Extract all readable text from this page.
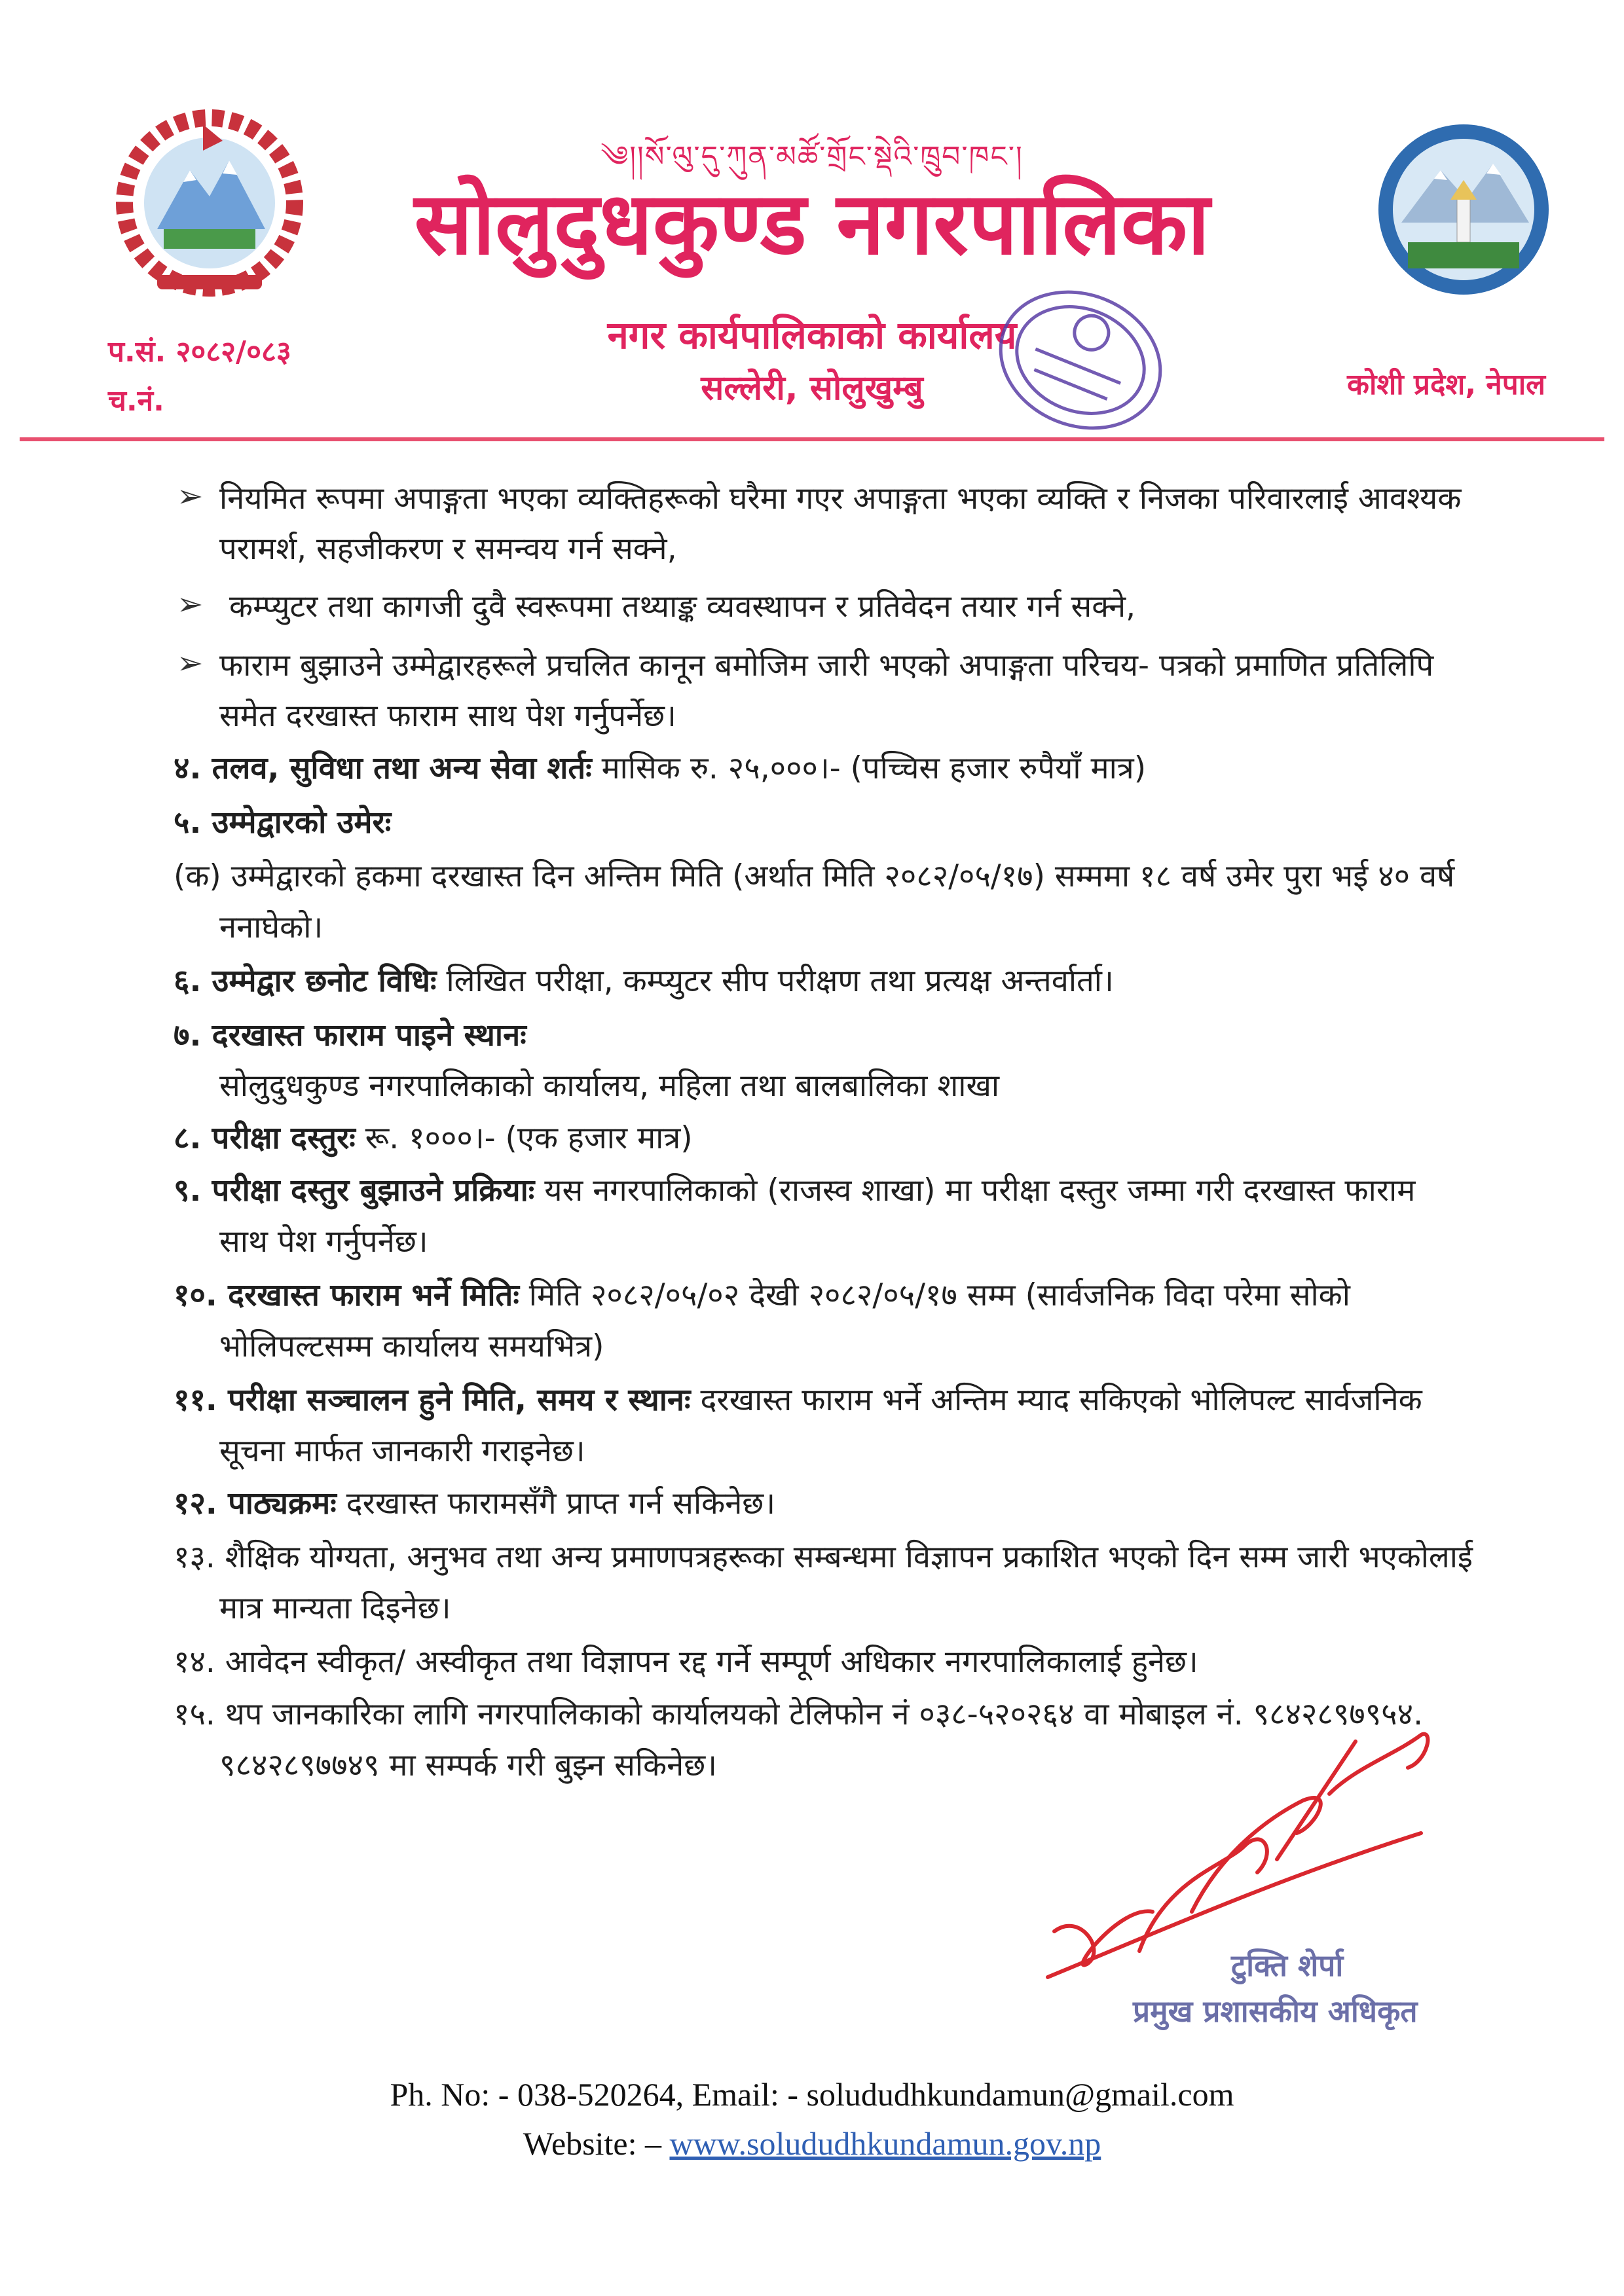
༄།།སོ་ལུ་དུ་ཀུན་མཚོ་གྲོང་སྡེའི་ཁྲུབ་ཁང་།
सोलुदुधकुण्ड नगरपालिका
नगर कार्यपालिकाको कार्यालय
सल्लेरी, सोलुखुम्बु
प.सं. २०८२/०८३
च.नं.	कोशी प्रदेश, नेपाल
➢ नियमित रूपमा अपाङ्गता भएका व्यक्तिहरूको घरैमा गएर अपाङ्गता भएका व्यक्ति र निजका परिवारलाई आवश्यक
परामर्श, सहजीकरण र समन्वय गर्न सक्ने,
➢ कम्प्युटर तथा कागजी दुवै स्वरूपमा तथ्याङ्क व्यवस्थापन र प्रतिवेदन तयार गर्न सक्ने,
➢ फाराम बुझाउने उम्मेद्वारहरूले प्रचलित कानून बमोजिम जारी भएको अपाङ्गता परिचय- पत्रको प्रमाणित प्रतिलिपि
समेत दरखास्त फाराम साथ पेश गर्नुपर्नेछ।
४. तलव, सुविधा तथा अन्य सेवा शर्तः मासिक रु. २५,०००।- (पच्चिस हजार रुपैयाँ मात्र)
५. उम्मेद्वारको उमेरः
(क) उम्मेद्वारको हकमा दरखास्त दिन अन्तिम मिति (अर्थात मिति २०८२/०५/१७) सम्ममा १८ वर्ष उमेर पुरा भई ४० वर्ष
ननाघेको।
६. उम्मेद्वार छनोट विधिः लिखित परीक्षा, कम्प्युटर सीप परीक्षण तथा प्रत्यक्ष अन्तर्वार्ता।
७. दरखास्त फाराम पाइने स्थानः
सोलुदुधकुण्ड नगरपालिकाको कार्यालय, महिला तथा बालबालिका शाखा
८. परीक्षा दस्तुरः रू. १०००।- (एक हजार मात्र)
९. परीक्षा दस्तुर बुझाउने प्रक्रियाः यस नगरपालिकाको (राजस्व शाखा) मा परीक्षा दस्तुर जम्मा गरी दरखास्त फाराम
साथ पेश गर्नुपर्नेछ।
१०. दरखास्त फाराम भर्ने मितिः मिति २०८२/०५/०२ देखी २०८२/०५/१७ सम्म (सार्वजनिक विदा परेमा सोको
भोलिपल्टसम्म कार्यालय समयभित्र)
११. परीक्षा सञ्चालन हुने मिति, समय र स्थानः दरखास्त फाराम भर्ने अन्तिम म्याद सकिएको भोलिपल्ट सार्वजनिक
सूचना मार्फत जानकारी गराइनेछ।
१२. पाठ्यक्रमः दरखास्त फारामसँगै प्राप्त गर्न सकिनेछ।
१३. शैक्षिक योग्यता, अनुभव तथा अन्य प्रमाणपत्रहरूका सम्बन्धमा विज्ञापन प्रकाशित भएको दिन सम्म जारी भएकोलाई
मात्र मान्यता दिइनेछ।
१४. आवेदन स्वीकृत/ अस्वीकृत तथा विज्ञापन रद्द गर्ने सम्पूर्ण अधिकार नगरपालिकालाई हुनेछ।
१५. थप जानकारिका लागि नगरपालिकाको कार्यालयको टेलिफोन नं ०३८-५२०२६४ वा मोबाइल नं. ९८४२८९७९५४.
९८४२८९७७४९ मा सम्पर्क गरी बुझ्न सकिनेछ।
टुक्ति शेर्पा
प्रमुख प्रशासकीय अधिकृत
Ph. No: - 038-520264, Email: - solududhkundamun@gmail.com
Website: – www.solududhkundamun.gov.np
